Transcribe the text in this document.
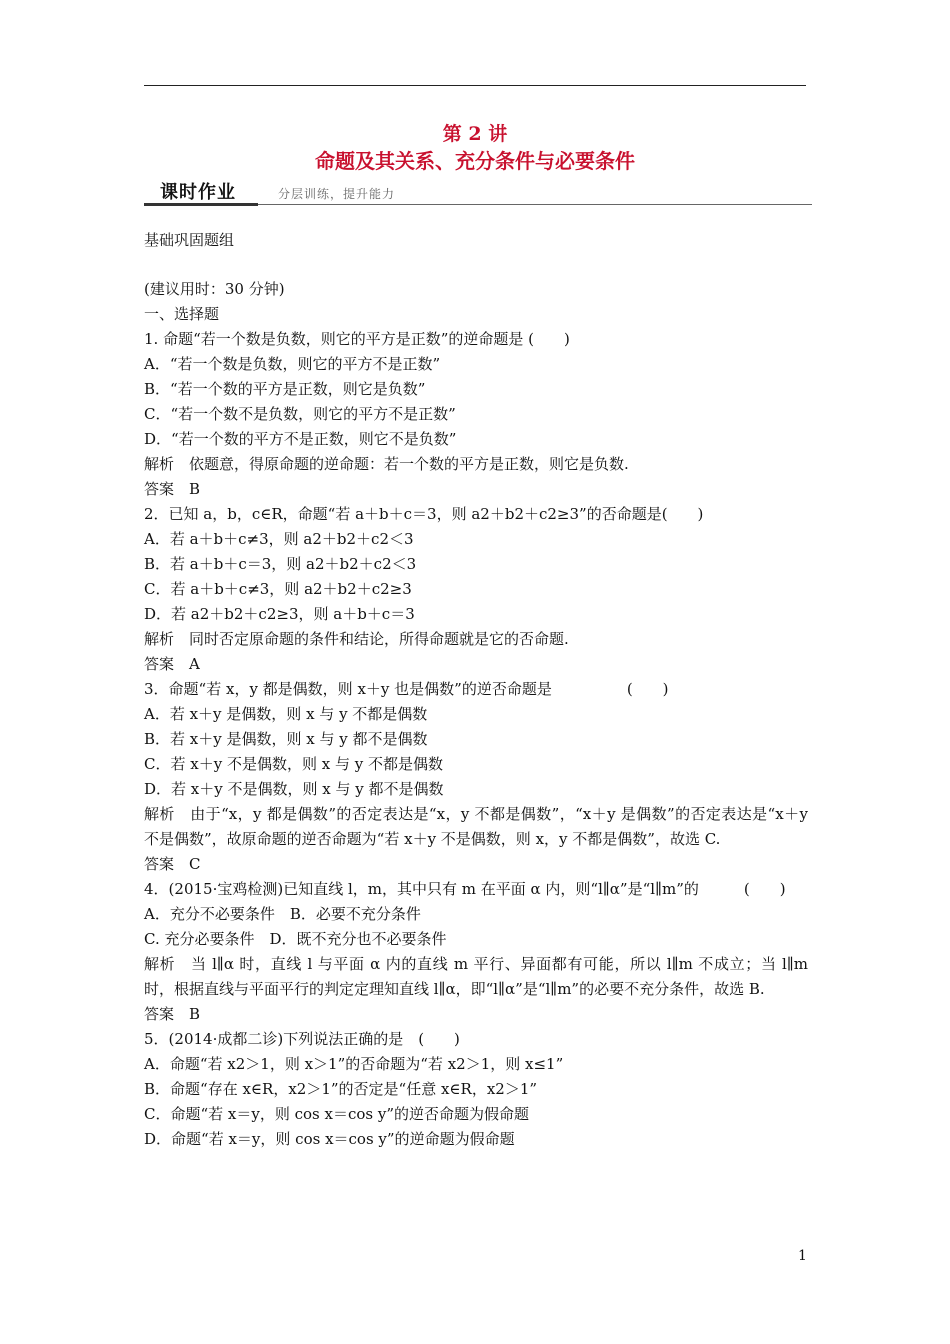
第 2 讲
命题及其关系、充分条件与必要条件
课时作业	分层训练，提升能力
基础巩固题组
(建议用时：30 分钟)
一、选择题
1. 命题“若一个数是负数，则它的平方是正数”的逆命题是 (　　)
A．“若一个数是负数，则它的平方不是正数”
B．“若一个数的平方是正数，则它是负数”
C．“若一个数不是负数，则它的平方不是正数”
D．“若一个数的平方不是正数，则它不是负数”
解析　依题意，得原命题的逆命题：若一个数的平方是正数，则它是负数.
答案　B
2．已知 a，b，c∈R，命题“若 a＋b＋c＝3，则 a2＋b2＋c2≥3”的否命题是(　　)
A．若 a＋b＋c≠3，则 a2＋b2＋c2＜3
B．若 a＋b＋c＝3，则 a2＋b2＋c2＜3
C．若 a＋b＋c≠3，则 a2＋b2＋c2≥3
D．若 a2＋b2＋c2≥3，则 a＋b＋c＝3
解析　同时否定原命题的条件和结论，所得命题就是它的否命题.
答案　A
3．命题“若 x，y 都是偶数，则 x＋y 也是偶数”的逆否命题是　　　　　(　　)
A．若 x＋y 是偶数，则 x 与 y 不都是偶数
B．若 x＋y 是偶数，则 x 与 y 都不是偶数
C．若 x＋y 不是偶数，则 x 与 y 不都是偶数
D．若 x＋y 不是偶数，则 x 与 y 都不是偶数
解析　由于“x，y 都是偶数”的否定表达是“x，y 不都是偶数”，“x＋y 是偶数”的否定表达是“x＋y 不是偶数”，故原命题的逆否命题为“若 x＋y 不是偶数，则 x，y 不都是偶数”，故选 C.
答案　C
4．(2015·宝鸡检测)已知直线 l，m，其中只有 m 在平面 α 内，则“l∥α”是“l∥m”的　　　(　　)
A．充分不必要条件　B．必要不充分条件
C. 充分必要条件　D．既不充分也不必要条件
解析　当 l∥α 时，直线 l 与平面 α 内的直线 m 平行、异面都有可能，所以 l∥m 不成立；当 l∥m 时，根据直线与平面平行的判定定理知直线 l∥α，即“l∥α”是“l∥m”的必要不充分条件，故选 B.
答案　B
5．(2014·成都二诊)下列说法正确的是　(　　)
A．命题“若 x2＞1，则 x＞1”的否命题为“若 x2＞1，则 x≤1”
B．命题“存在 x∈R，x2＞1”的否定是“任意 x∈R，x2＞1”
C．命题“若 x＝y，则 cos x＝cos y”的逆否命题为假命题
D．命题“若 x＝y，则 cos x＝cos y”的逆命题为假命题
1
